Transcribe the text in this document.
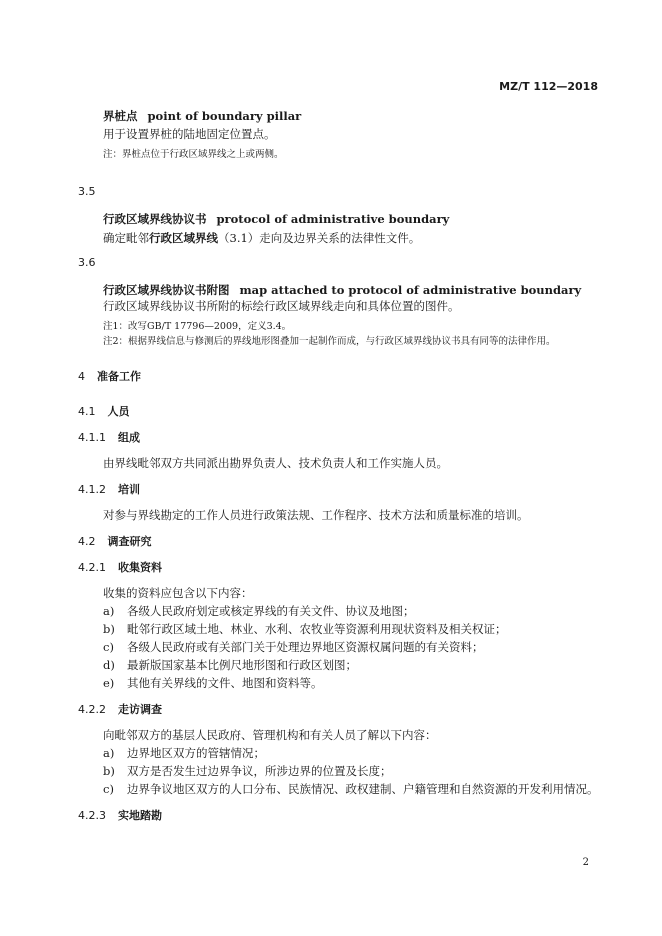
MZ/T 112—2018
界桩点 point of boundary pillar
用于设置界桩的陆地固定位置点。
注：界桩点位于行政区域界线之上或两侧。
3.5
行政区域界线协议书 protocol of administrative boundary
确定毗邻行政区域界线（3.1）走向及边界关系的法律性文件。
3.6
行政区域界线协议书附图 map attached to protocol of administrative boundary
行政区域界线协议书所附的标绘行政区域界线走向和具体位置的图件。
注1：改写GB/T 17796—2009，定义3.4。
注2：根据界线信息与修测后的界线地形图叠加一起制作而成，与行政区域界线协议书具有同等的法律作用。
4 准备工作
4.1 人员
4.1.1 组成
由界线毗邻双方共同派出勘界负责人、技术负责人和工作实施人员。
4.1.2 培训
对参与界线勘定的工作人员进行政策法规、工作程序、技术方法和质量标准的培训。
4.2 调查研究
4.2.1 收集资料
收集的资料应包含以下内容：
a) 各级人民政府划定或核定界线的有关文件、协议及地图；
b) 毗邻行政区域土地、林业、水利、农牧业等资源利用现状资料及相关权证；
c) 各级人民政府或有关部门关于处理边界地区资源权属问题的有关资料；
d) 最新版国家基本比例尺地形图和行政区划图；
e) 其他有关界线的文件、地图和资料等。
4.2.2 走访调查
向毗邻双方的基层人民政府、管理机构和有关人员了解以下内容：
a) 边界地区双方的管辖情况；
b) 双方是否发生过边界争议，所涉边界的位置及长度；
c) 边界争议地区双方的人口分布、民族情况、政权建制、户籍管理和自然资源的开发利用情况。
4.2.3 实地踏勘
2
